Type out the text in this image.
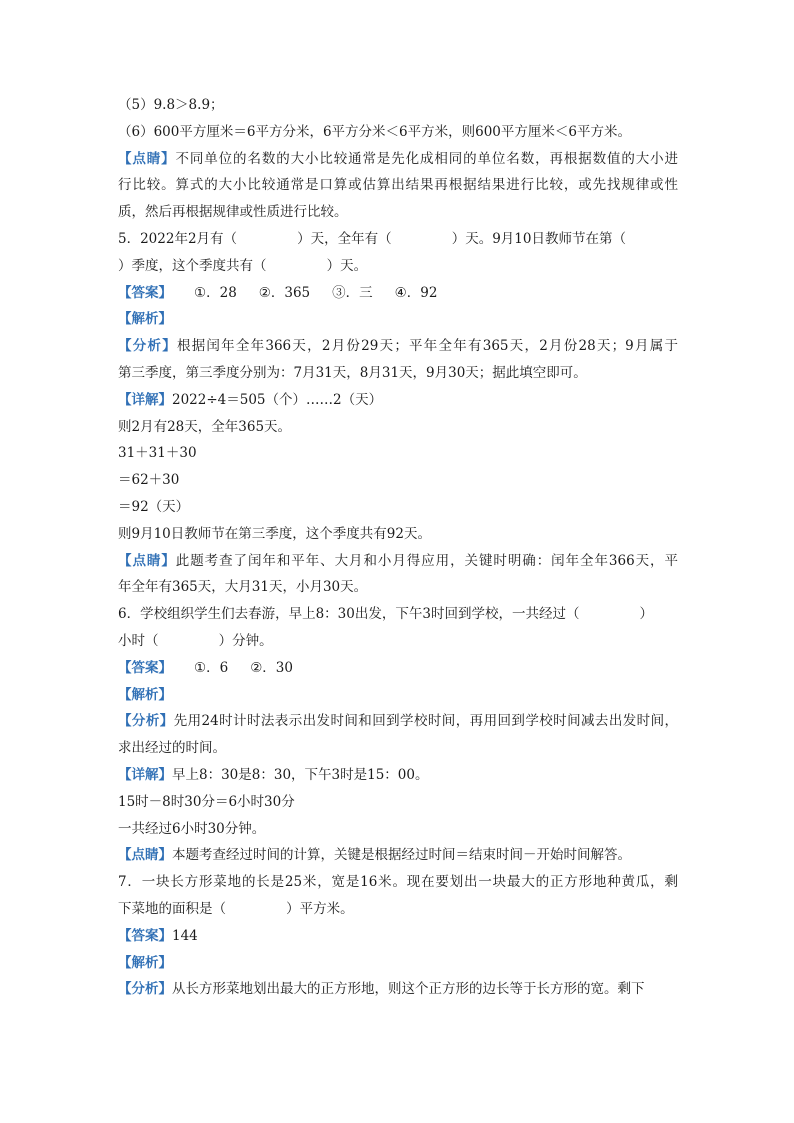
（5）9.8＞8.9；
（6）600平方厘米＝6平方分米，6平方分米＜6平方米，则600平方厘米＜6平方米。
【点睛】不同单位的名数的大小比较通常是先化成相同的单位名数，再根据数值的大小进
行比较。算式的大小比较通常是口算或估算出结果再根据结果进行比较，或先找规律或性
质，然后再根据规律或性质进行比较。
5．2022年2月有（              ）天，全年有（              ）天。9月10日教师节在第（
）季度，这个季度共有（              ）天。
【答案】 ①．28 ②．365 ③．三 ④．92
【解析】
【分析】根据闰年全年366天，2月份29天；平年全年有365天，2月份28天；9月属于
第三季度，第三季度分别为：7月31天，8月31天，9月30天；据此填空即可。
【详解】2022÷4＝505（个）……2（天）
则2月有28天，全年365天。
31＋31＋30
＝62＋30
＝92（天）
则9月10日教师节在第三季度，这个季度共有92天。
【点睛】此题考查了闰年和平年、大月和小月得应用，关键时明确：闰年全年366天，平
年全年有365天，大月31天，小月30天。
6．学校组织学生们去春游，早上8：30出发，下午3时回到学校，一共经过（              ）
小时（              ）分钟。
【答案】 ①．6 ②．30
【解析】
【分析】先用24时计时法表示出发时间和回到学校时间，再用回到学校时间减去出发时间，
求出经过的时间。
【详解】早上8：30是8：30，下午3时是15：00。
15时－8时30分＝6小时30分
一共经过6小时30分钟。
【点睛】本题考查经过时间的计算，关键是根据经过时间＝结束时间－开始时间解答。
7．一块长方形菜地的长是25米，宽是16米。现在要划出一块最大的正方形地种黄瓜，剩
下菜地的面积是（              ）平方米。
【答案】144
【解析】
【分析】从长方形菜地划出最大的正方形地，则这个正方形的边长等于长方形的宽。剩下
